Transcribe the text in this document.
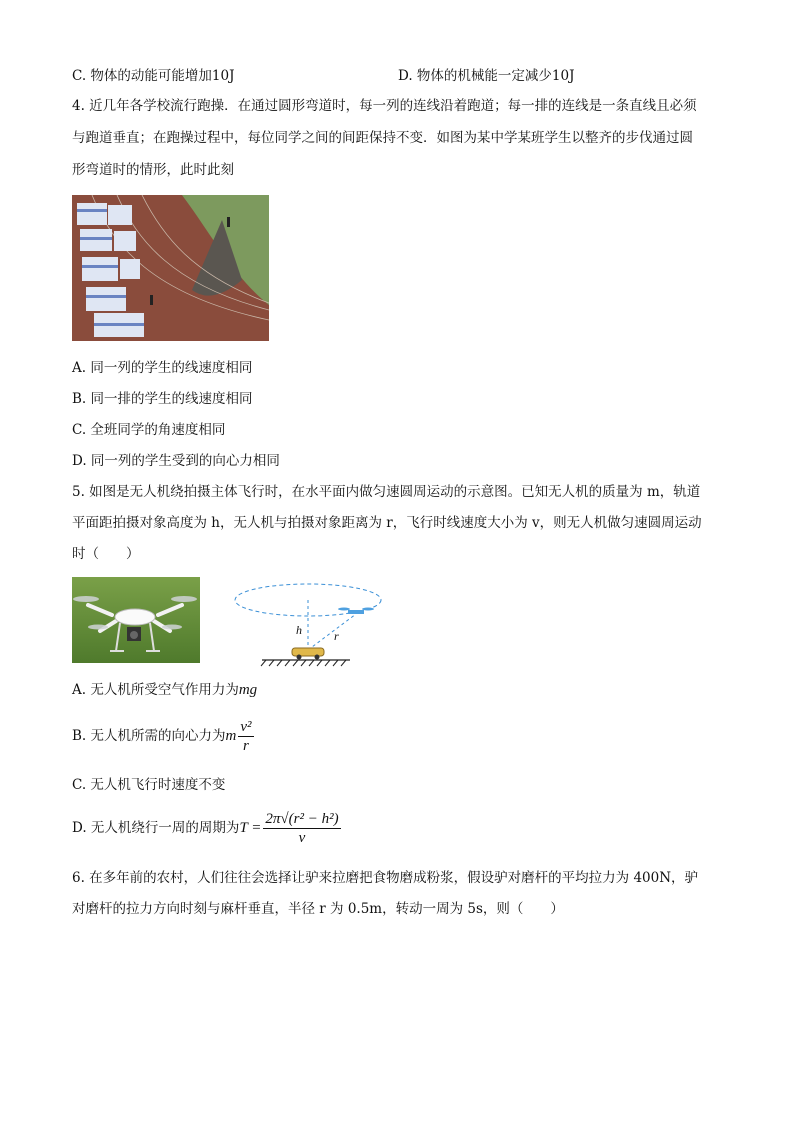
C. 物体的动能可能增加10J	D. 物体的机械能一定减少10J
4. 近几年各学校流行跑操．在通过圆形弯道时，每一列的连线沿着跑道；每一排的连线是一条直线且必须
与跑道垂直；在跑操过程中，每位同学之间的间距保持不变．如图为某中学某班学生以整齐的步伐通过圆
形弯道时的情形，此时此刻
A. 同一列的学生的线速度相同
B. 同一排的学生的线速度相同
C. 全班同学的角速度相同
D. 同一列的学生受到的向心力相同
5. 如图是无人机绕拍摄主体飞行时，在水平面内做匀速圆周运动的示意图。已知无人机的质量为 m，轨道
平面距拍摄对象高度为 h，无人机与拍摄对象距离为 r，飞行时线速度大小为 v，则无人机做匀速圆周运动
时（　　）
h	r
A. 无人机所受空气作用力为mg
B. 无人机所需的向心力为m $\frac{\text{v²}}{r}$
C. 无人机飞行时速度不变
D. 无人机绕行一周的周期为$T = \frac{\text{2π√(r² − h²)}}{v}$
6. 在多年前的农村，人们往往会选择让驴来拉磨把食物磨成粉浆，假设驴对磨杆的平均拉力为 400N，驴
对磨杆的拉力方向时刻与麻杆垂直，半径 r 为 0.5m，转动一周为 5s，则（　　）
